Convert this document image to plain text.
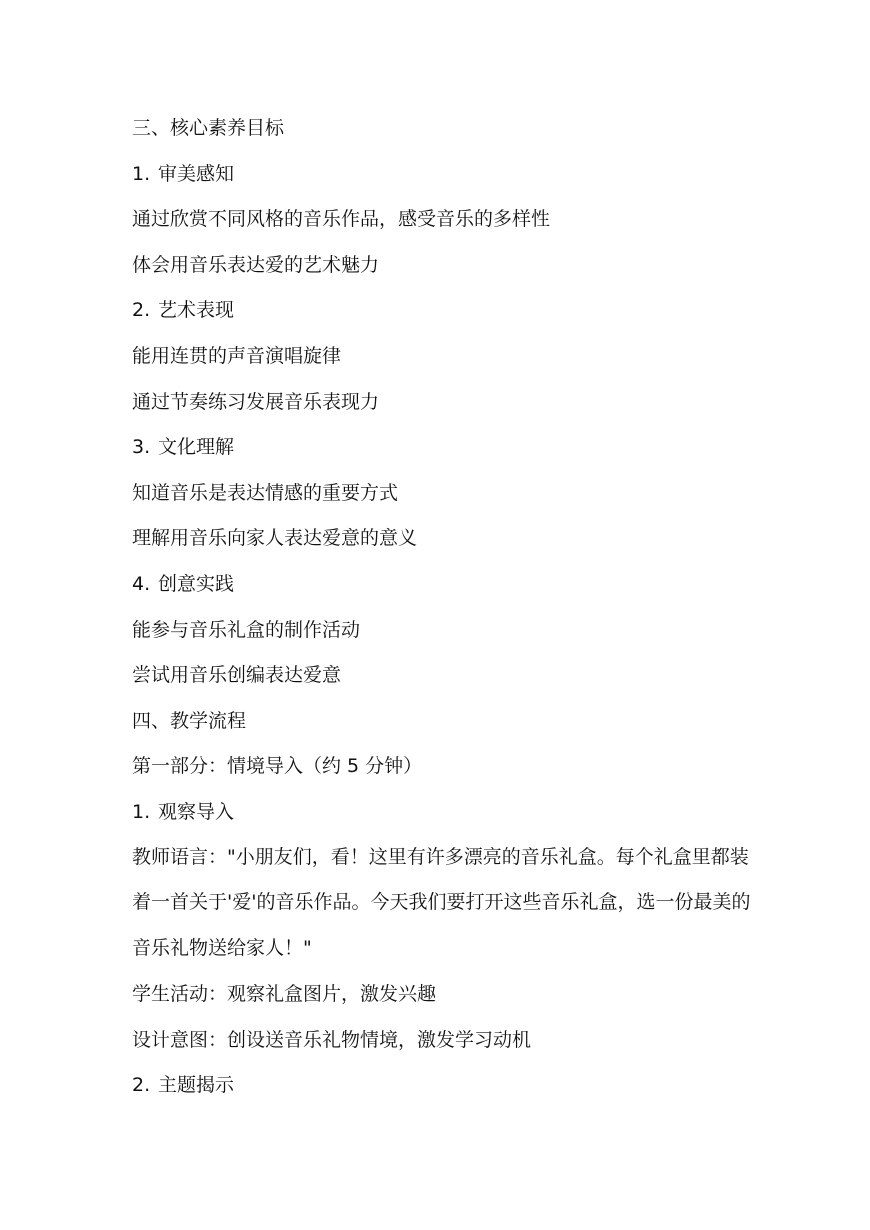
三、核心素养目标
1. 审美感知
通过欣赏不同风格的音乐作品，感受音乐的多样性
体会用音乐表达爱的艺术魅力
2. 艺术表现
能用连贯的声音演唱旋律
通过节奏练习发展音乐表现力
3. 文化理解
知道音乐是表达情感的重要方式
理解用音乐向家人表达爱意的意义
4. 创意实践
能参与音乐礼盒的制作活动
尝试用音乐创编表达爱意
四、教学流程
第一部分：情境导入（约 5 分钟）
1. 观察导入
教师语言："小朋友们，看！这里有许多漂亮的音乐礼盒。每个礼盒里都装着一首关于'爱'的音乐作品。今天我们要打开这些音乐礼盒，选一份最美的音乐礼物送给家人！"
学生活动：观察礼盒图片，激发兴趣
设计意图：创设送音乐礼物情境，激发学习动机
2. 主题揭示
